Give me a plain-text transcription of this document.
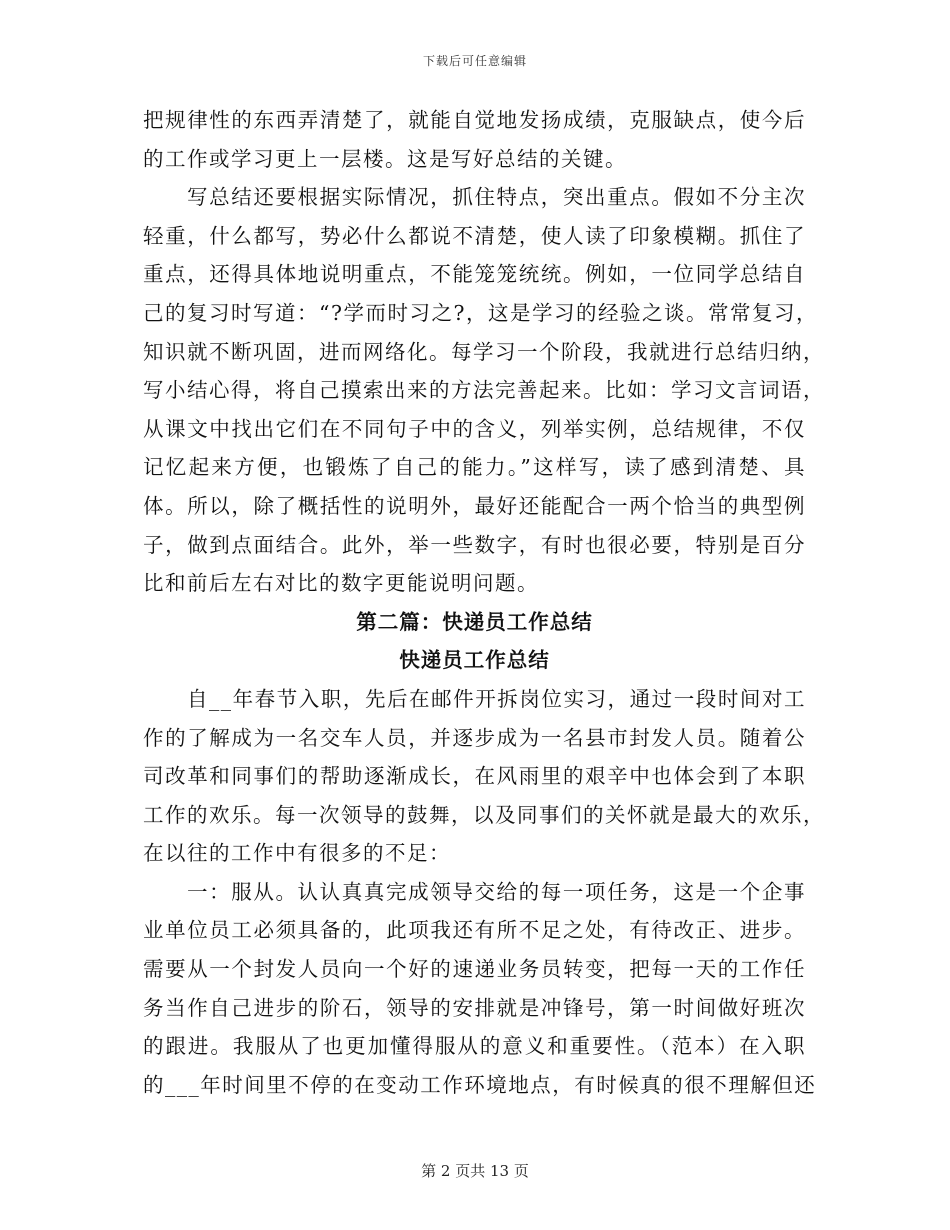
下载后可任意编辑
把规律性的东西弄清楚了，就能自觉地发扬成绩，克服缺点，使今后
的工作或学习更上一层楼。这是写好总结的关键。
写总结还要根据实际情况，抓住特点，突出重点。假如不分主次
轻重，什么都写，势必什么都说不清楚，使人读了印象模糊。抓住了
重点，还得具体地说明重点，不能笼笼统统。例如，一位同学总结自
己的复习时写道：“?学而时习之?，这是学习的经验之谈。常常复习，
知识就不断巩固，进而网络化。每学习一个阶段，我就进行总结归纳，
写小结心得，将自己摸索出来的方法完善起来。比如：学习文言词语，
从课文中找出它们在不同句子中的含义，列举实例，总结规律，不仅
记忆起来方便，也锻炼了自己的能力。”这样写，读了感到清楚、具
体。所以，除了概括性的说明外，最好还能配合一两个恰当的典型例
子，做到点面结合。此外，举一些数字，有时也很必要，特别是百分
比和前后左右对比的数字更能说明问题。
第二篇：快递员工作总结
快递员工作总结
自__年春节入职，先后在邮件开拆岗位实习，通过一段时间对工
作的了解成为一名交车人员，并逐步成为一名县市封发人员。随着公
司改革和同事们的帮助逐渐成长，在风雨里的艰辛中也体会到了本职
工作的欢乐。每一次领导的鼓舞，以及同事们的关怀就是最大的欢乐，
在以往的工作中有很多的不足：
一：服从。认认真真完成领导交给的每一项任务，这是一个企事
业单位员工必须具备的，此项我还有所不足之处，有待改正、进步。
需要从一个封发人员向一个好的速递业务员转变，把每一天的工作任
务当作自己进步的阶石，领导的安排就是冲锋号，第一时间做好班次
的跟进。我服从了也更加懂得服从的意义和重要性。（范本）在入职
的___年时间里不停的在变动工作环境地点，有时候真的很不理解但还
第 2 页共 13 页
